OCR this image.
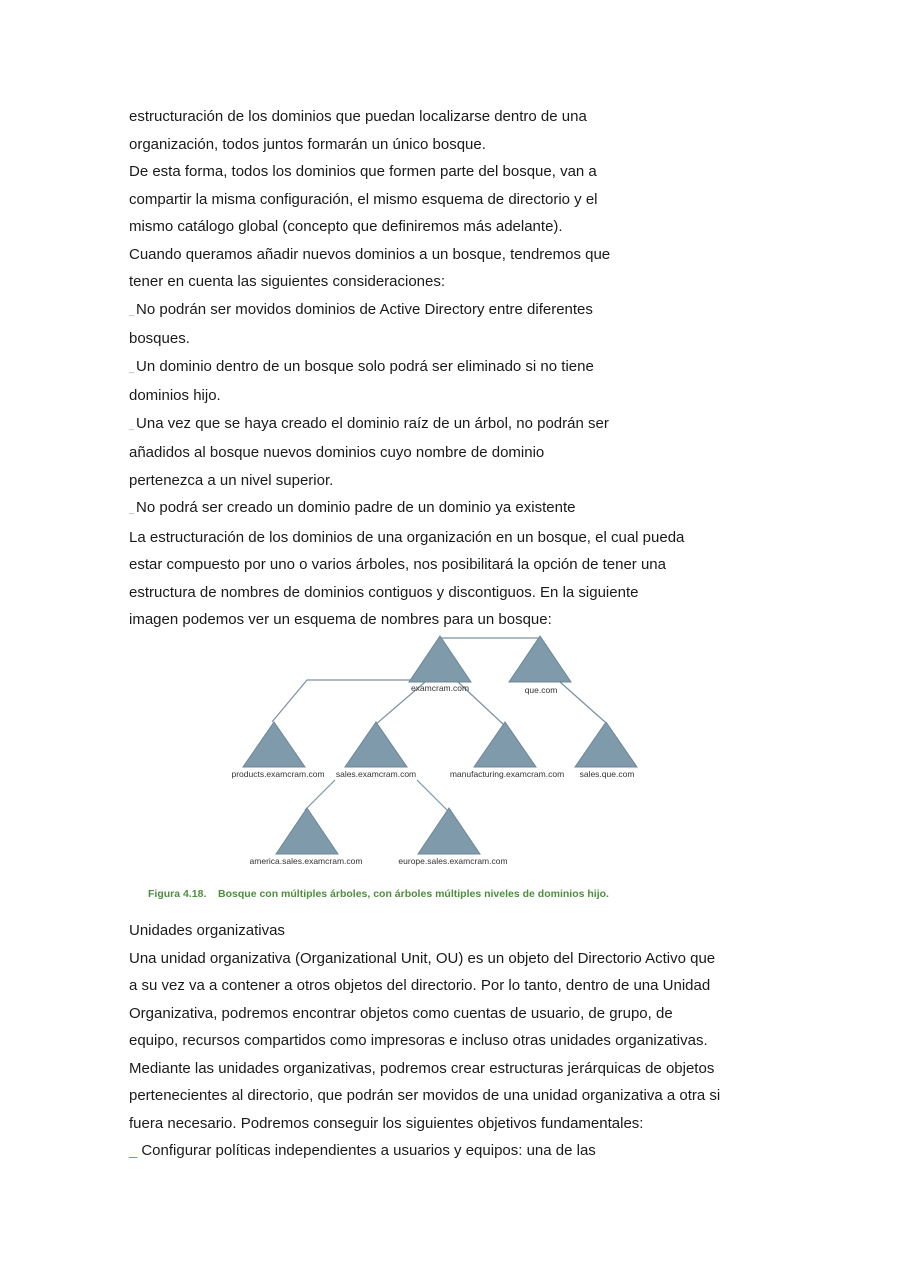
estructuración de los dominios que puedan localizarse dentro de una

organización, todos juntos formarán un único bosque.

De esta forma, todos los dominios que formen parte del bosque, van a

compartir la misma configuración, el mismo esquema de directorio y el

mismo catálogo global (concepto que definiremos más adelante).

Cuando queramos añadir nuevos dominios a un bosque, tendremos que

tener en cuenta las siguientes consideraciones:

_ No podrán ser movidos dominios de Active Directory entre diferentes

bosques.

_ Un dominio dentro de un bosque solo podrá ser eliminado si no tiene

dominios hijo.

_ Una vez que se haya creado el dominio raíz de un árbol, no podrán ser

añadidos al bosque nuevos dominios cuyo nombre de dominio

pertenezca a un nivel superior.

_ No podrá ser creado un dominio padre de un dominio ya existente

La estructuración de los dominios de una organización en un bosque, el cual pueda

estar compuesto por uno o varios árboles, nos posibilitará la opción de tener una

estructura de nombres de dominios contiguos y discontiguos. En la siguiente

imagen podemos ver un esquema de nombres para un bosque:

examcram.com	que.com
products.examcram.com sales.examcram.com	manufacturing.examcram.com sales.que.com
america.sales.examcram.com	europe.sales.examcram.com
Figura 4.18.    Bosque con múltiples árboles, con árboles múltiples niveles de dominios hijo.

Unidades organizativas

Una unidad organizativa (Organizational Unit, OU) es un objeto del Directorio Activo que

a su vez va a contener a otros objetos del directorio. Por lo tanto, dentro de una Unidad

Organizativa, podremos encontrar objetos como cuentas de usuario, de grupo, de

equipo, recursos compartidos como impresoras e incluso otras unidades organizativas.

Mediante las unidades organizativas, podremos crear estructuras jerárquicas de objetos

pertenecientes al directorio, que podrán ser movidos de una unidad organizativa a otra si

fuera necesario. Podremos conseguir los siguientes objetivos fundamentales:

_ Configurar políticas independientes a usuarios y equipos: una de las
